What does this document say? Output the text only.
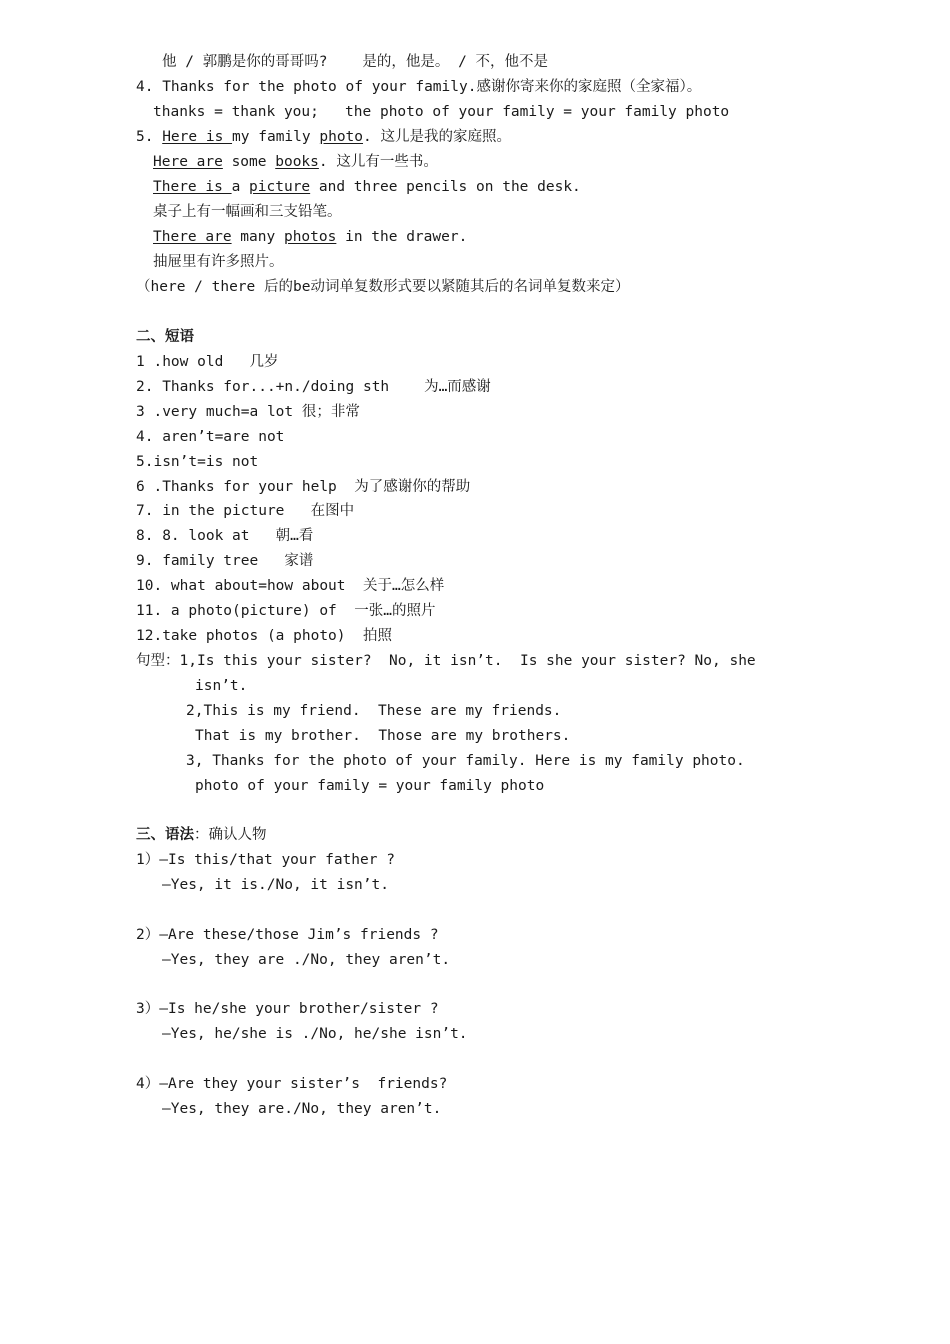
他 / 郭鹏是你的哥哥吗?    是的，他是。 / 不，他不是
4. Thanks for the photo of your family.感谢你寄来你的家庭照（全家福）。
thanks = thank you;   the photo of your family = your family photo
5. Here is my family photo. 这儿是我的家庭照。
Here are some books. 这儿有一些书。
There is a picture and three pencils on the desk.
桌子上有一幅画和三支铅笔。
There are many photos in the drawer.
抽屉里有许多照片。
（here / there 后的be动词单复数形式要以紧随其后的名词单复数来定）
二、短语
1 .how old   几岁
2. Thanks for...+n./doing sth    为…而感谢
3 .very much=a lot 很；非常
4. aren’t=are not
5.isn’t=is not
6 .Thanks for your help  为了感谢你的帮助
7. in the picture   在图中
8. 8. look at   朝…看
9. family tree   家谱
10. what about=how about  关于…怎么样
11. a photo(picture) of  一张…的照片
12.take photos (a photo)  拍照
句型：1,Is this your sister?  No, it isn’t.  Is she your sister? No, she
isn’t.
2,This is my friend.  These are my friends.
That is my brother.  Those are my brothers.
3, Thanks for the photo of your family. Here is my family photo.
photo of your family = your family photo
三、语法：确认人物
1）—Is this/that your father ?
—Yes, it is./No, it isn’t.
2）—Are these/those Jim’s friends ?
—Yes, they are ./No, they aren’t.
3）—Is he/she your brother/sister ?
—Yes, he/she is ./No, he/she isn’t.
4）—Are they your sister’s  friends?
—Yes, they are./No, they aren’t.
